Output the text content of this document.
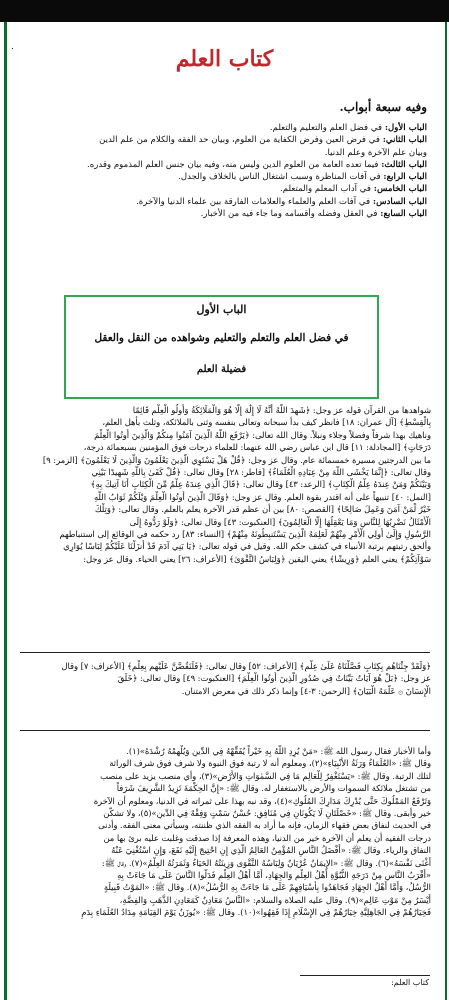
٠	كتاب العلم
وفيه سبعة أبواب.
الباب الأول: في فضل العلم والتعليم والتعلم.
الباب الثاني: في فرض العين وفرض الكفاية من العلوم، وبيان حد الفقه والكلام من علم الدين
وبيان علم الآخرة وعلم الدنيا.
الباب الثالث: فيما تعده العامة من العلوم الدين وليس منه، وفيه بيان جنس العلم المذموم وقدره.
الباب الرابع: في آفات المناظرة وسبب اشتغال الناس بالخلاف والجدل.
الباب الخامس: في آداب المعلم والمتعلم.
الباب السادس: في آفات العلم والعلماء والعلامات الفارقة بين علماء الدنيا والآخرة.
الباب السابع: في العقل وفضله وأقسامه وما جاء فيه من الأخبار.
الباب الأول
في فضل العلم والتعلم والتعليم وشواهده من النقل والعقل
فضيلة العلم
شواهدها من القرآن قوله عز وجل: ﴿شَهِدَ اللَّهُ أَنَّهُ لَا إِلَٰهَ إِلَّا هُوَ وَالْمَلَائِكَةُ وَأُولُو الْعِلْمِ قَائِمًا
بِالْقِسْطِ﴾ [آل عمران: ١٨] فانظر كيف بدأ سبحانه وتعالى بنفسه وثنى بالملائكة، وثلث بأهل العلم،
وناهيك بهذا شرفاً وفضلاً وجلاء ونبلاً. وقال الله تعالى: ﴿يَرْفَعِ اللَّهُ الَّذِينَ آمَنُوا مِنكُمْ وَالَّذِينَ أُوتُوا الْعِلْمَ
دَرَجَاتٍ﴾ [المجادلة: ١١] قال ابن عباس رضي الله عنهما: للعلماء درجات فوق المؤمنين بسبعمائة درجة،
ما بين الدرجتين مسيرة خمسمائة عام. وقال عز وجل: ﴿قُلْ هَلْ يَسْتَوِي الَّذِينَ يَعْلَمُونَ وَالَّذِينَ لَا يَعْلَمُونَ﴾ [الزمر: ٩]
وقال تعالى: ﴿إِنَّمَا يَخْشَى اللَّهَ مِنْ عِبَادِهِ الْعُلَمَاءُ﴾ [فاطر: ٢٨] وقال تعالى: ﴿قُلْ كَفَىٰ بِاللَّهِ شَهِيدًا بَيْنِي
وَبَيْنَكُمْ وَمَنْ عِندَهُ عِلْمُ الْكِتَابِ﴾ [الرعد: ٤٣] وقال تعالى: ﴿قَالَ الَّذِي عِندَهُ عِلْمٌ مِّنَ الْكِتَابِ أَنَا آتِيكَ بِهِ﴾
[النمل: ٤٠] تنبيهاً على أنه اقتدر بقوة العلم. وقال عز وجل: ﴿وَقَالَ الَّذِينَ أُوتُوا الْعِلْمَ وَيْلَكُمْ ثَوَابُ اللَّهِ
خَيْرٌ لِّمَنْ آمَنَ وَعَمِلَ صَالِحًا﴾ [القصص: ٨٠] بين أن عظم قدر الآخرة يعلم بالعلم. وقال تعالى: ﴿وَتِلْكَ
الْأَمْثَالُ نَضْرِبُهَا لِلنَّاسِ وَمَا يَعْقِلُهَا إِلَّا الْعَالِمُونَ﴾ [العنكبوت: ٤٣] وقال تعالى: ﴿وَلَوْ رَدُّوهُ إِلَى
الرَّسُولِ وَإِلَىٰ أُولِي الْأَمْرِ مِنْهُمْ لَعَلِمَهُ الَّذِينَ يَسْتَنبِطُونَهُ مِنْهُمْ﴾ [النساء: ٨٣] رد حكمه في الوقائع إلى استنباطهم
وألحق رتبتهم برتبة الأنبياء في كشف حكم الله. وقيل في قوله تعالى: ﴿يَا بَنِي آدَمَ قَدْ أَنزَلْنَا عَلَيْكُمْ لِبَاسًا يُوَارِي
سَوْآتِكُمْ﴾ يعني العلم ﴿وَرِيشًا﴾ يعني اليقين ﴿وَلِبَاسُ التَّقْوَىٰ﴾ [الأعراف: ٢٦] يعني الحياء. وقال عز وجل:
﴿وَلَقَدْ جِئْنَاهُم بِكِتَابٍ فَصَّلْنَاهُ عَلَىٰ عِلْمٍ﴾ [الأعراف: ٥٢] وقال تعالى: ﴿فَلَنَقُصَّنَّ عَلَيْهِم بِعِلْمٍ﴾ [الأعراف: ٧] وقال
عز وجل: ﴿بَلْ هُوَ آيَاتٌ بَيِّنَاتٌ فِي صُدُورِ الَّذِينَ أُوتُوا الْعِلْمَ﴾ [العنكبوت: ٤٩] وقال تعالى: ﴿خَلَقَ
الْإِنسَانَ ۞ عَلَّمَهُ الْبَيَانَ﴾ [الرحمن: ٣-٤] وإنما ذكر ذلك في معرض الامتنان.
وأما الأخبار فقال رسول الله ﷺ: «مَنْ يُرِدِ اللَّهُ بِهِ خَيْراً يُفَقِّهْهُ فِي الدِّينِ وَيُلْهِمْهُ رُشْدَهُ»(١).
وقال ﷺ: «العُلَمَاءُ وَرَثَةُ الأَنْبِيَاءِ»(٢)، ومعلوم أنه لا رتبة فوق النبوة ولا شرف فوق شرف الوراثة
لتلك الرتبة. وقال ﷺ: «يَسْتَغْفِرُ لِلْعَالِمِ مَا فِي السَّمٰوَاتِ وَالأَرْضِ»(٣)، وأي منصب يزيد على منصب
من تشتغل ملائكة السموات والأرض بالاستغفار له. وقال ﷺ: «إِنَّ الحِكْمَةَ تَزِيدُ الشَّرِيفَ شَرَفاً
وَتَرْفَعُ المَمْلُوكَ حَتَّى يُدْرِكَ مَدَارِكَ المُلُوكِ»(٤)، وقد نبه بهذا على ثمراته في الدنيا، ومعلوم أن الآخرة
خير وأبقى. وقال ﷺ: «خَصْلَتَانِ لَا يَكُونَانِ فِي مُنَافِقٍ: حُسْنُ سَمْتٍ وَفِقْهٌ فِي الدِّينِ»(٥)، ولا تشكَّن
في الحديث لنفاق بعض فقهاء الزمان، فإنه ما أراد به الفقه الذي ظننته، وسيأتي معنى الفقه. وأدنى
درجات الفقيه أن يعلم أن الآخرة خير من الدنيا، وهذه المعرفة إذا صدقت وغلبت عليه برئ بها من
النفاق والرياء. وقال ﷺ: «أَفْضَلُ النَّاسِ المُؤْمِنُ العَالِمُ الَّذِي إِنِ احْتِيجَ إِلَيْهِ نَفَعَ، وَإِنِ اسْتُغْنِيَ عَنْهُ
أَغْنَى نَفْسَهُ»(٦). وقال ﷺ: «الإِيمَانُ عُرْيَانٌ وَلِبَاسُهُ التَّقْوَى وَزِينَتُهُ الحَيَاءُ وَثَمَرَتُهُ العِلْمُ»(٧). وقال ﷺ:
«أَقْرَبُ النَّاسِ مِنْ دَرَجَةِ النُّبُوَّةِ أَهْلُ العِلْمِ وَالجِهَادِ، أَمَّا أَهْلُ العِلْمِ فَدَلُّوا النَّاسَ عَلَى مَا جَاءَتْ بِهِ
الرُّسُلُ، وَأَمَّا أَهْلُ الجِهَادِ فَجَاهَدُوا بِأَسْيَافِهِمْ عَلَى مَا جَاءَتْ بِهِ الرُّسُلُ»(٨). وقال ﷺ: «المَوْتُ قَبِيلَةٍ
أَيْسَرُ مِنْ مَوْتِ عَالِمٍ»(٩). وقال عليه الصلاة والسلام: «النَّاسُ مَعَادِنُ كَمَعَادِنِ الذَّهَبِ وَالفِضَّةِ،
فَخِيَارُهُمْ فِي الجَاهِلِيَّةِ خِيَارُهُمْ فِي الإِسْلَامِ إِذَا فَقِهُوا»(١٠). وقال ﷺ: «يُوزَنُ يَوْمَ القِيَامَةِ مِدَادُ العُلَمَاءِ بِدَمِ
كتاب العلم:
